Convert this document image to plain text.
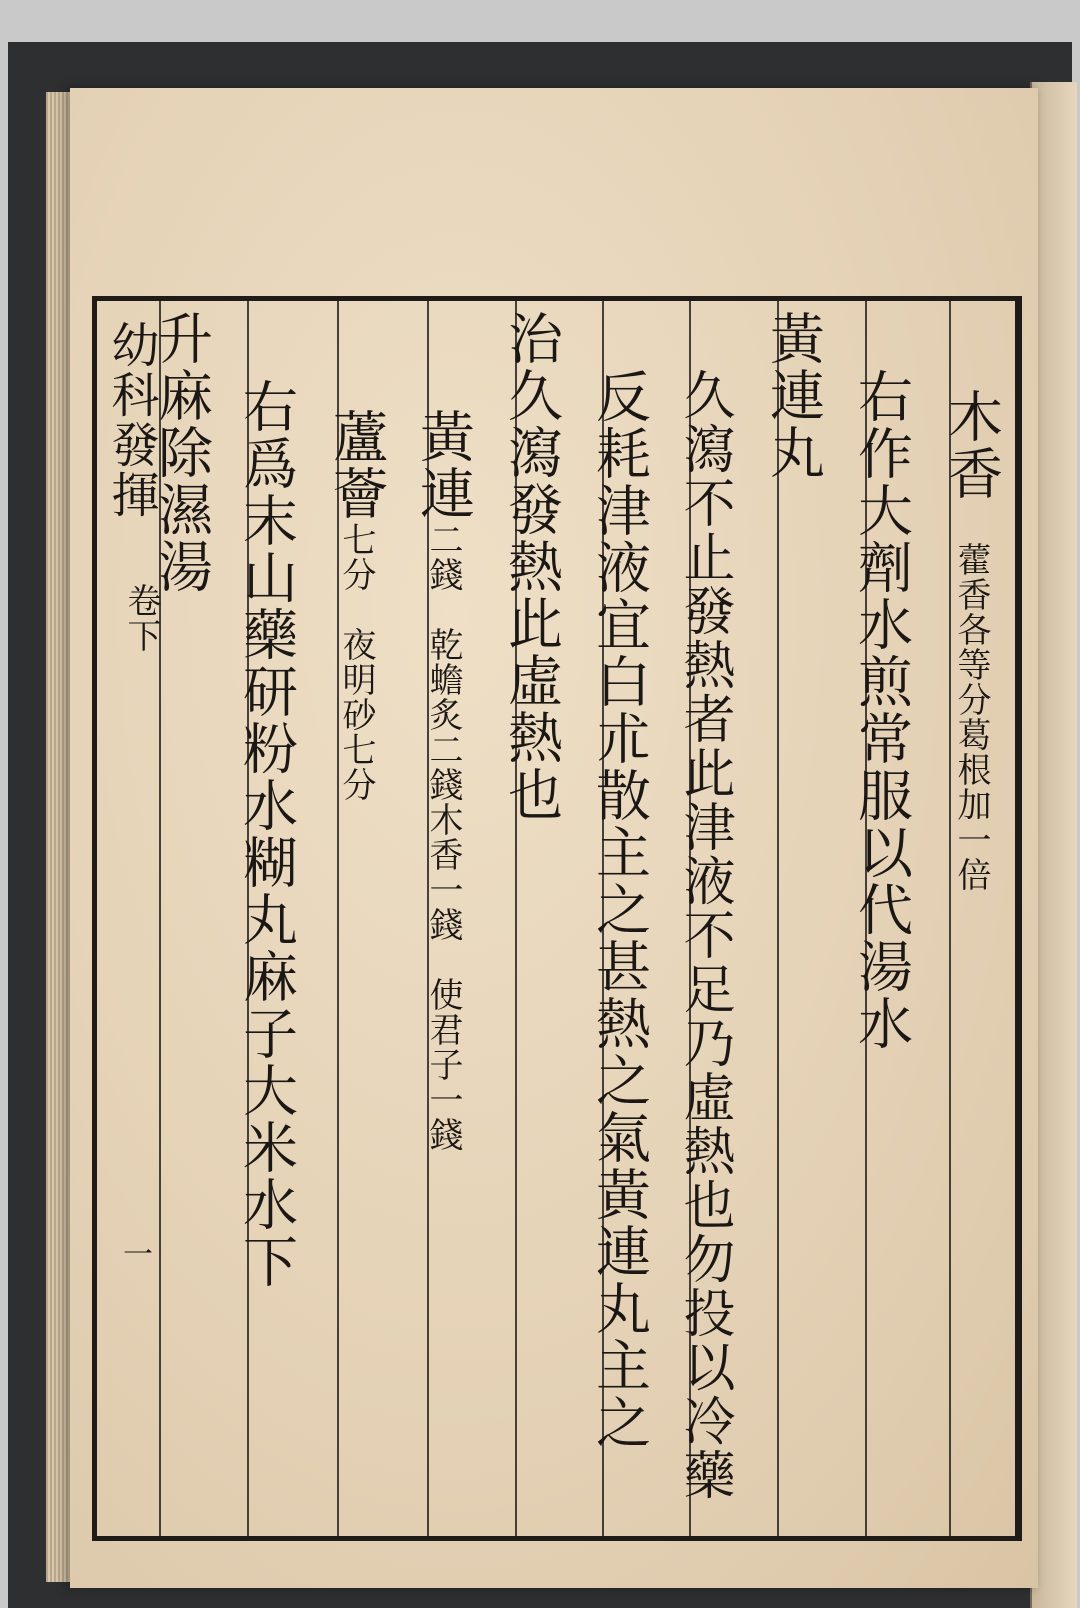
幼科發揮
卷下
一
木香藿香各等分葛根加一倍
右作大劑水煎常服以代湯水
黃連丸
久瀉不止發熱者此津液不足乃虛熱也勿投以冷藥
反耗津液宜白朮散主之甚熱之氣黃連丸主之
治久瀉發熱此虛熱也
黃連二錢　乾蟾炙二錢木香一錢　使君子一錢
蘆薈七分　夜明砂七分
右爲末山藥研粉水糊丸麻子大米水下
升麻除濕湯
